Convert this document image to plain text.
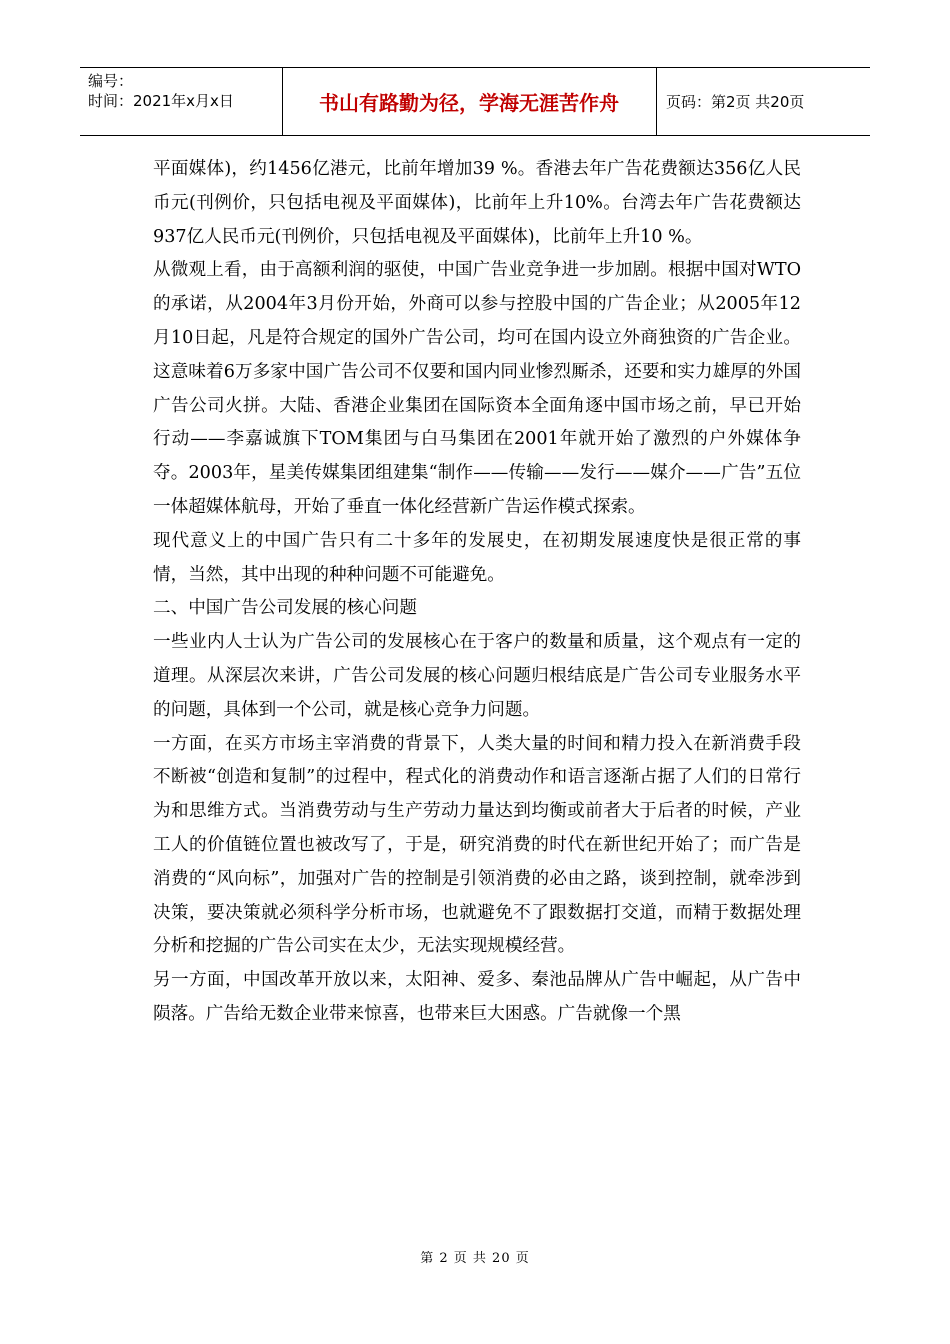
编号：
时间：2021年x月x日	书山有路勤为径，学海无涯苦作舟	页码：第2页 共20页

平面媒体)，约1456亿港元，比前年增加39 %。香港去年广告花费额达356亿人民币元(刊例价，只包括电视及平面媒体)，比前年上升10%。台湾去年广告花费额达937亿人民币元(刊例价，只包括电视及平面媒体)，比前年上升10 %。

从微观上看，由于高额利润的驱使，中国广告业竞争进一步加剧。根据中国对WTO的承诺，从2004年3月份开始，外商可以参与控股中国的广告企业；从2005年12月10日起，凡是符合规定的国外广告公司，均可在国内设立外商独资的广告企业。这意味着6万多家中国广告公司不仅要和国内同业惨烈厮杀，还要和实力雄厚的外国广告公司火拼。大陆、香港企业集团在国际资本全面角逐中国市场之前，早已开始行动——李嘉诚旗下TOM集团与白马集团在2001年就开始了激烈的户外媒体争夺。2003年，星美传媒集团组建集“制作——传输——发行——媒介——广告”五位一体超媒体航母，开始了垂直一体化经营新广告运作模式探索。

现代意义上的中国广告只有二十多年的发展史，在初期发展速度快是很正常的事情，当然，其中出现的种种问题不可能避免。

二、中国广告公司发展的核心问题

一些业内人士认为广告公司的发展核心在于客户的数量和质量，这个观点有一定的道理。从深层次来讲，广告公司发展的核心问题归根结底是广告公司专业服务水平的问题，具体到一个公司，就是核心竞争力问题。

一方面，在买方市场主宰消费的背景下，人类大量的时间和精力投入在新消费手段不断被“创造和复制”的过程中，程式化的消费动作和语言逐渐占据了人们的日常行为和思维方式。当消费劳动与生产劳动力量达到均衡或前者大于后者的时候，产业工人的价值链位置也被改写了，于是，研究消费的时代在新世纪开始了；而广告是消费的“风向标”，加强对广告的控制是引领消费的必由之路，谈到控制，就牵涉到决策，要决策就必须科学分析市场，也就避免不了跟数据打交道，而精于数据处理分析和挖掘的广告公司实在太少，无法实现规模经营。

另一方面，中国改革开放以来，太阳神、爱多、秦池品牌从广告中崛起，从广告中陨落。广告给无数企业带来惊喜，也带来巨大困惑。广告就像一个黑

第 2 页 共 20 页
